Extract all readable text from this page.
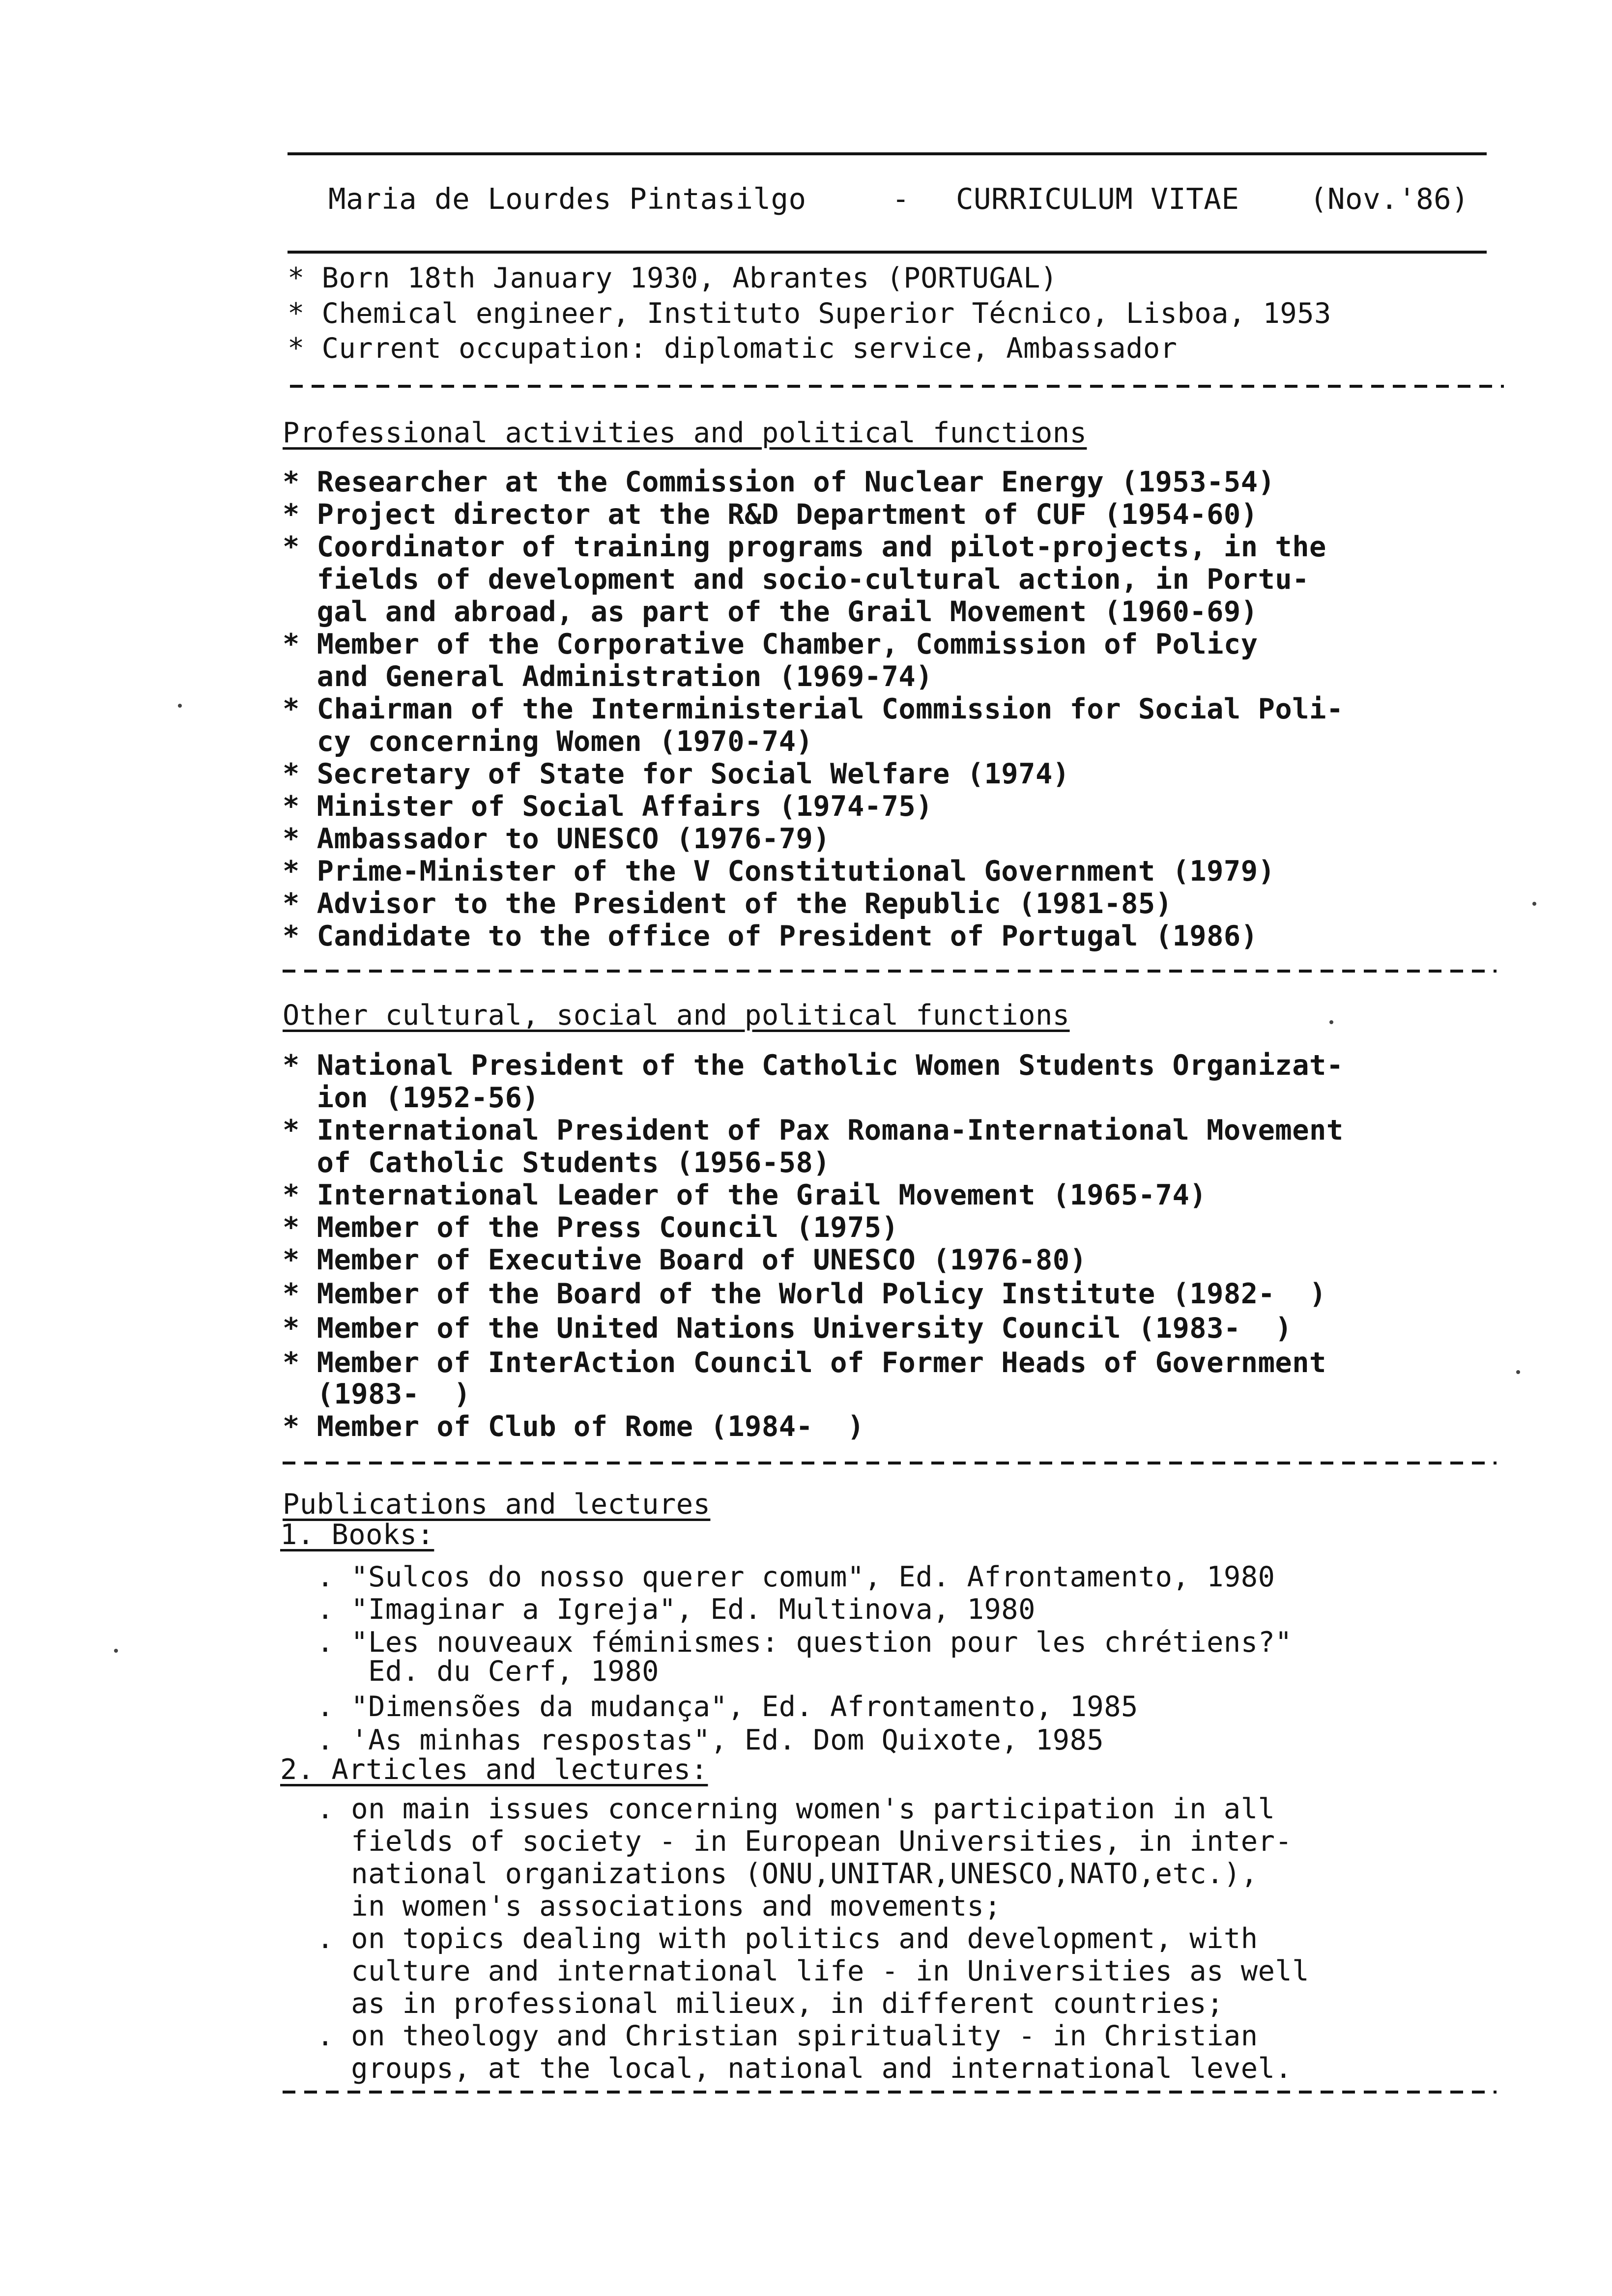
Maria de Lourdes Pintasilgo	- CURRICULUM VITAE (Nov.'86)
* Born 18th January 1930, Abrantes (PORTUGAL)
* Chemical engineer, Instituto Superior Técnico, Lisboa, 1953
* Current occupation: diplomatic service, Ambassador
Professional activities and political functions
* Researcher at the Commission of Nuclear Energy (1953-54)
* Project director at the R&D Department of CUF (1954-60)
* Coordinator of training programs and pilot-projects, in the
fields of development and socio-cultural action, in Portu-
gal and abroad, as part of the Grail Movement (1960-69)
* Member of the Corporative Chamber, Commission of Policy
and General Administration (1969-74)
* Chairman of the Interministerial Commission for Social Poli-
cy concerning Women (1970-74)
* Secretary of State for Social Welfare (1974)
* Minister of Social Affairs (1974-75)
* Ambassador to UNESCO (1976-79)
* Prime-Minister of the V Constitutional Government (1979)
* Advisor to the President of the Republic (1981-85)
* Candidate to the office of President of Portugal (1986)
Other cultural, social and political functions
* National President of the Catholic Women Students Organizat-
ion (1952-56)
* International President of Pax Romana-International Movement
of Catholic Students (1956-58)
* International Leader of the Grail Movement (1965-74)
* Member of the Press Council (1975)
* Member of Executive Board of UNESCO (1976-80)
* Member of the Board of the World Policy Institute (1982-  )
* Member of the United Nations University Council (1983-  )
* Member of InterAction Council of Former Heads of Government
(1983-  )
* Member of Club of Rome (1984-  )
Publications and lectures
1. Books:
. "Sulcos do nosso querer comum", Ed. Afrontamento, 1980
. "Imaginar a Igreja", Ed. Multinova, 1980
. "Les nouveaux féminismes: question pour les chrétiens?"
Ed. du Cerf, 1980
. "Dimensões da mudança", Ed. Afrontamento, 1985
. 'As minhas respostas", Ed. Dom Quixote, 1985
2. Articles and lectures:
. on main issues concerning women's participation in all
fields of society - in European Universities, in inter-
national organizations (ONU,UNITAR,UNESCO,NATO,etc.),
in women's associations and movements;
. on topics dealing with politics and development, with
culture and international life - in Universities as well
as in professional milieux, in different countries;
. on theology and Christian spirituality - in Christian
groups, at the local, national and international level.
